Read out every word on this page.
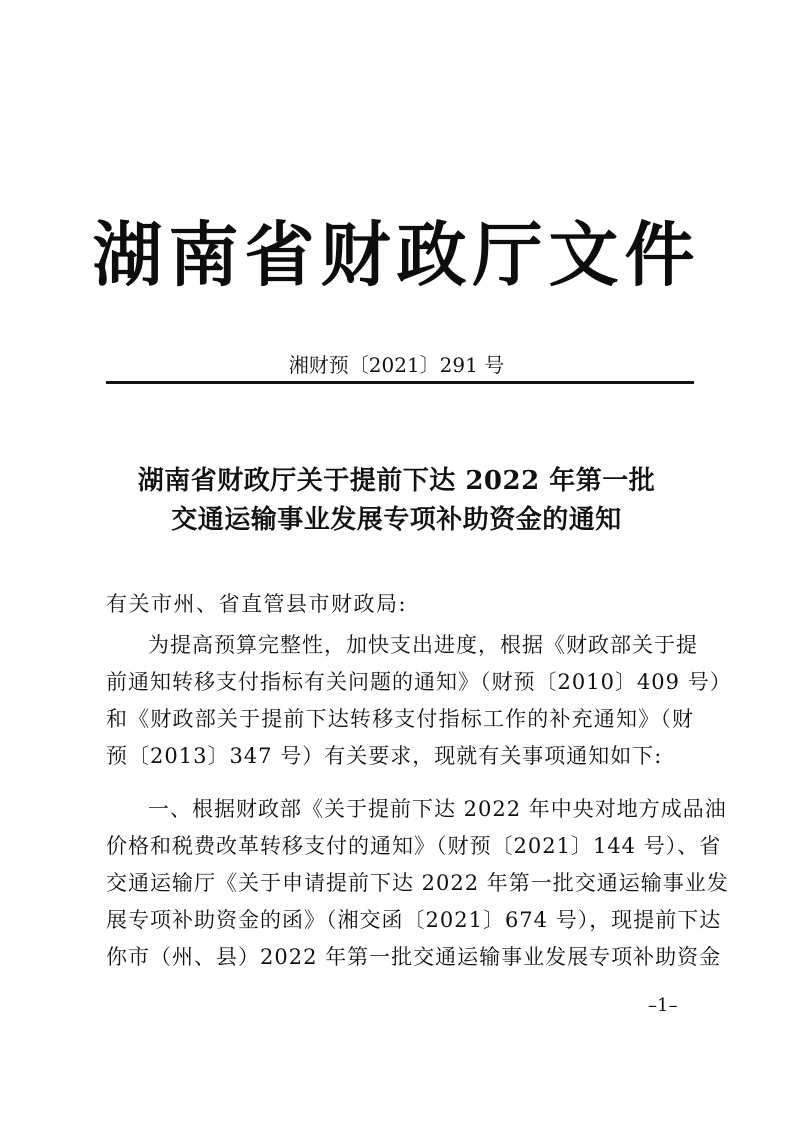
湖南省财政厅文件
湘财预〔2021〕291 号
湖南省财政厅关于提前下达 2022 年第一批
交通运输事业发展专项补助资金的通知
有关市州、省直管县市财政局:
为提高预算完整性，加快支出进度，根据《财政部关于提
前通知转移支付指标有关问题的通知》（财预〔2010〕409 号）
和《财政部关于提前下达转移支付指标工作的补充通知》（财
预〔2013〕347 号）有关要求，现就有关事项通知如下:
一、根据财政部《关于提前下达 2022 年中央对地方成品油
价格和税费改革转移支付的通知》（财预〔2021〕144 号）、省
交通运输厅《关于申请提前下达 2022 年第一批交通运输事业发
展专项补助资金的函》（湘交函〔2021〕674 号），现提前下达
你市（州、县）2022 年第一批交通运输事业发展专项补助资金
–1–
